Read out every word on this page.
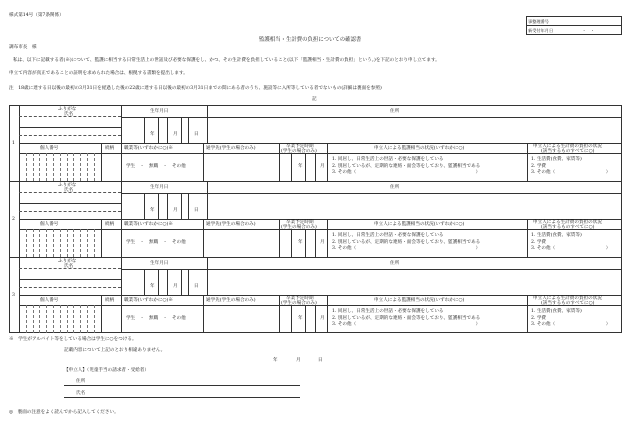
様式第14号（第7条関係）
事整理番号
新受付年月日	・　・
監護相当・生計費の負担についての確認書
調布市長　様
私は、以下に記載する者(※)について、監護に相当する日常生活上の世話及び必要な保護をし、かつ、その生計費を負担していること(以下「監護相当・生計費の負担」という。)を下記のとおり申し立てます。
申立て内容が真正であることの証明を求められた場合は、根拠する書類を提出します。
注　18歳に達する日以後の最初の3月31日を経過した後の22歳に達する日以後の最初の3月31日までの間にある者のうち、施設等に入所等している者でないもの(詳細は裏面を参照)
記
1
ふりがな
氏名
生年月日	住所
年	月	日
個人番号	続柄 職業等(いずれかに○)※	通学先(学生の場合のみ)	卒業予定時期
(学生の場合のみ)
申立人による監護相当の状況(いずれかに○)	申立人による生計費の負担の状況
(該当するものすべてに○)
学生　・　無職　・　その他	年	月
1. 同居し、日常生活上の世話・必要な保護をしている
2. 別居しているが、定期的な連絡・面会等をしており、監護相当である
3. その他（　　　　　　　　　　　　　　　　　　　　　　　　　　）
1. 生活費(食費、家賃等)
2. 学費
3. その他（　　　　　　　　　　　）
2
ふりがな
氏名
生年月日	住所
年	月	日
個人番号	続柄 職業等(いずれかに○)※	通学先(学生の場合のみ)	卒業予定時期
(学生の場合のみ)
申立人による監護相当の状況(いずれかに○)	申立人による生計費の負担の状況
(該当するものすべてに○)
学生　・　無職　・　その他	年	月
1. 同居し、日常生活上の世話・必要な保護をしている
2. 別居しているが、定期的な連絡・面会等をしており、監護相当である
3. その他（　　　　　　　　　　　　　　　　　　　　　　　　　　）
1. 生活費(食費、家賃等)
2. 学費
3. その他（　　　　　　　　　　　）
3
ふりがな
氏名
生年月日	住所
年	月	日
個人番号	続柄 職業等(いずれかに○)※	通学先(学生の場合のみ)	卒業予定時期
(学生の場合のみ)
申立人による監護相当の状況(いずれかに○)	申立人による生計費の負担の状況
(該当するものすべてに○)
学生　・　無職　・　その他	年	月
1. 同居し、日常生活上の世話・必要な保護をしている
2. 別居しているが、定期的な連絡・面会等をしており、監護相当である
3. その他（　　　　　　　　　　　　　　　　　　　　　　　　　　）
1. 生活費(食費、家賃等)
2. 学費
3. その他（　　　　　　　　　　　）
※　学生がアルバイト等をしている場合は学生に○をつける。
記載内容について上記のとおり相違ありません。
年	月	日
【申立人】（児童手当の請求者・受給者）
住所
氏名
◎　裏面の注意をよく読んでから記入してください。
